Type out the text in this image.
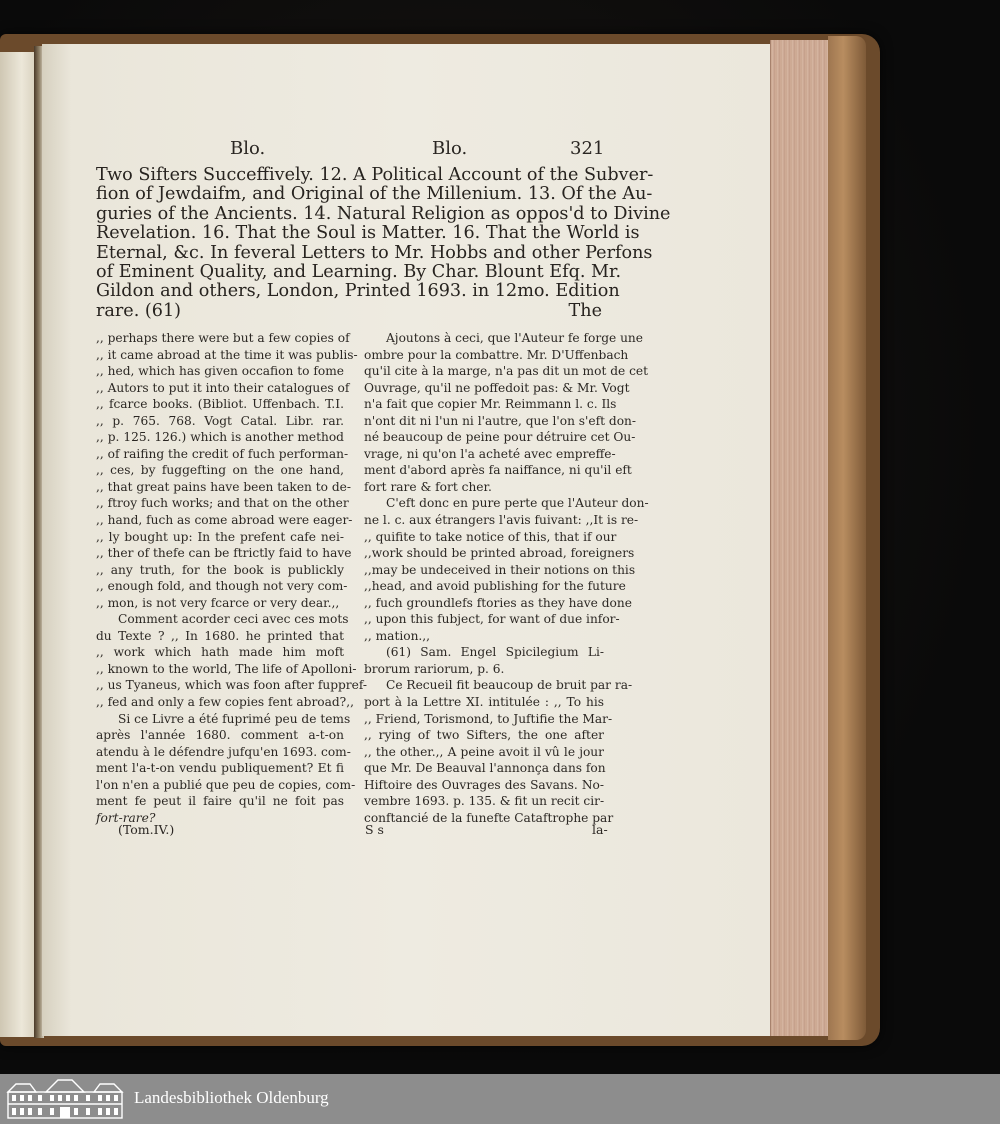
Blo.	Blo.	321
Two Sifters Succeffively. 12. A Political Account of the Subver-
fion of Jewdaifm, and Original of the Millenium. 13. Of the Au-
guries of the Ancients. 14. Natural Religion as oppos'd to Divine
Revelation. 16. That the Soul is Matter. 16. That the World is
Eternal, &c. In feveral Letters to Mr. Hobbs and other Perfons
of Eminent Quality, and Learning. By Char. Blount Efq. Mr.
Gildon and others, London, Printed 1693. in 12mo. Edition
rare. (61)	The
,, perhaps there were but a few copies of
,, it came abroad at the time it was publis-
,, hed, which has given occafion to fome
,, Autors to put it into their catalogues of
,, fcarce books. (Bibliot. Uffenbach. T.I.
,, p. 765. 768. Vogt Catal. Libr. rar.
,, p. 125. 126.) which is another method
,, of raifing the credit of fuch performan-
,, ces, by fuggefting on the one hand,
,, that great pains have been taken to de-
,, ftroy fuch works; and that on the other
,, hand, fuch as come abroad were eager-
,, ly bought up: In the prefent cafe nei-
,, ther of thefe can be ftrictly faid to have
,, any truth, for the book is publickly
,, enough fold, and though not very com-
,, mon, is not very fcarce or very dear.,,
Comment acorder ceci avec ces mots
du Texte ? ,, In 1680. he printed that
,, work which hath made him moft
,, known to the world, The life of Apolloni-
,, us Tyaneus, which was foon after fuppref-
,, fed and only a few copies fent abroad?,,
Si ce Livre a été fuprimé peu de tems
après l'année 1680. comment a-t-on
atendu à le défendre jufqu'en 1693. com-
ment l'a-t-on vendu publiquement? Et fi
l'on n'en a publié que peu de copies, com-
ment fe peut il faire qu'il ne foit pas
fort-rare?
Ajoutons à ceci, que l'Auteur fe forge une
ombre pour la combattre. Mr. D'Uffenbach
qu'il cite à la marge, n'a pas dit un mot de cet
Ouvrage, qu'il ne poffedoit pas: & Mr. Vogt
n'a fait que copier Mr. Reimmann l. c. Ils
n'ont dit ni l'un ni l'autre, que l'on s'eft don-
né beaucoup de peine pour détruire cet Ou-
vrage, ni qu'on l'a acheté avec empreffe-
ment d'abord après fa naiffance, ni qu'il eft
fort rare & fort cher.
C'eft donc en pure perte que l'Auteur don-
ne l. c. aux étrangers l'avis fuivant: ,,It is re-
,, quifite to take notice of this, that if our
,,work should be printed abroad, foreigners
,,may be undeceived in their notions on this
,,head, and avoid publishing for the future
,, fuch groundlefs ftories as they have done
,, upon this fubject, for want of due infor-
,, mation.,,
(61) Sam. Engel Spicilegium Li-
brorum rariorum, p. 6.
Ce Recueil fit beaucoup de bruit par ra-
port à la Lettre XI. intitulée : ,, To his
,, Friend, Torismond, to Juftifie the Mar-
,, rying of two Sifters, the one after
,, the other.,, A peine avoit il vû le jour
que Mr. De Beauval l'annonça dans fon
Hiftoire des Ouvrages des Savans. No-
vembre 1693. p. 135. & fit un recit cir-
conftancié de la funefte Cataftrophe par
(Tom.IV.)	S s	la-
Landesbibliothek Oldenburg
